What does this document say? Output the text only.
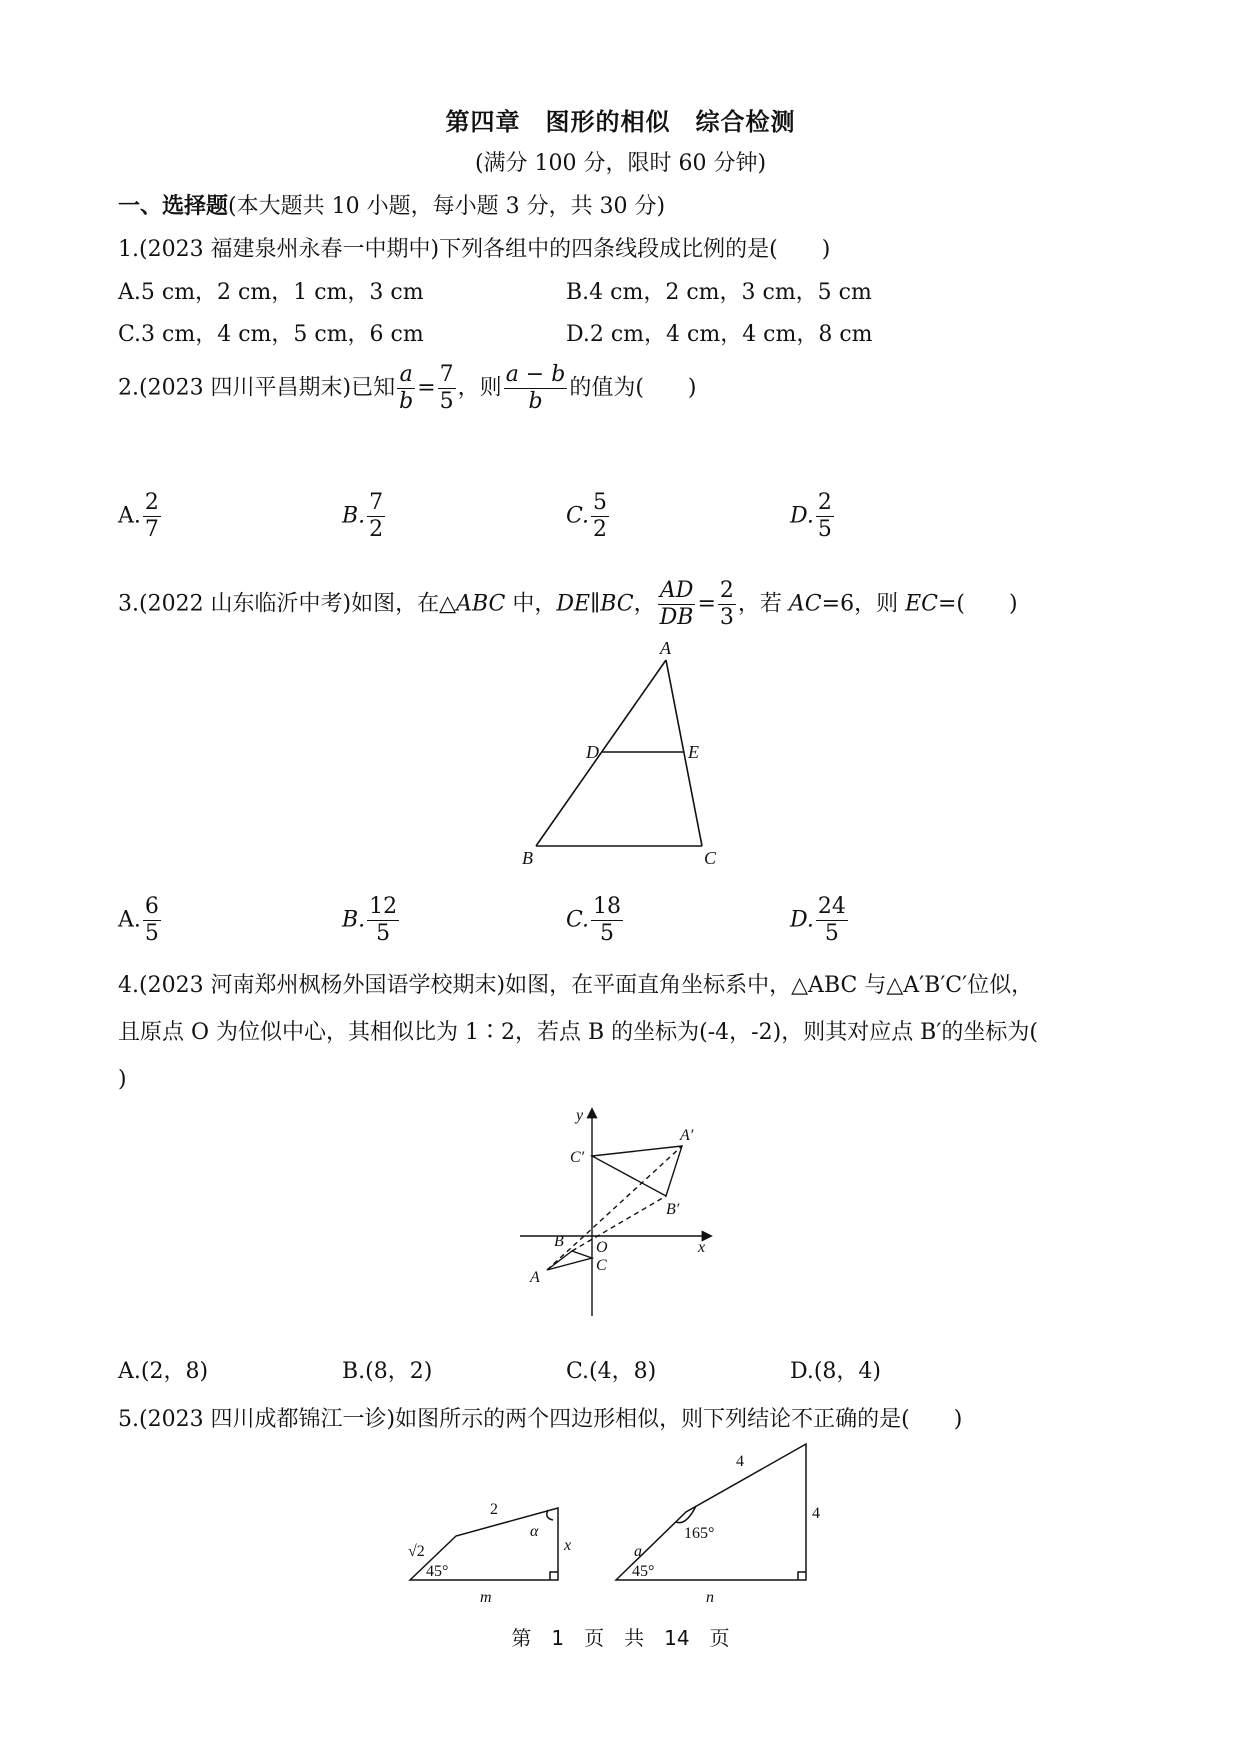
第四章　图形的相似　综合检测
(满分 100 分，限时 60 分钟)
一、选择题(本大题共 10 小题，每小题 3 分，共 30 分)
1.(2023 福建泉州永春一中期中)下列各组中的四条线段成比例的是(　　)
A.5 cm，2 cm，1 cm，3 cm	B.4 cm，2 cm，3 cm，5 cm
C.3 cm，4 cm，5 cm，6 cm	D.2 cm，4 cm，4 cm，8 cm
2.(2023 四川平昌期末)已知 $\frac{a}{b} = \frac{7}{5}$ ，则 $\frac{a - b}{b}$ 的值为(　　)
A. $\frac{2}{7}$	B. $\frac{7}{2}$	C. $\frac{5}{2}$	D. $\frac{2}{5}$
3.(2022 山东临沂中考)如图，在△ABC 中，DE∥BC， $\frac{AD}{DB} = \frac{2}{3}$ ，若 AC=6，则 EC=(　　)
A
B	C
D	E
A. $\frac{6}{5}$	B. $\frac{12}{5}$	C. $\frac{18}{5}$	D. $\frac{24}{5}$
4.(2023 河南郑州枫杨外国语学校期末)如图，在平面直角坐标系中，△ABC 与△A′B′C′位似，
且原点 O 为位似中心，其相似比为 1∶2，若点 B 的坐标为(-4，-2)，则其对应点 B′的坐标为(
)
y
x
O
A
B
C
A′
B′
C′
A.(2，8)	B.(8，2)	C.(4，8)	D.(8，4)
5.(2023 四川成都锦江一诊)如图所示的两个四边形相似，则下列结论不正确的是(　　)
2
√2
α
x
45°
m
4
4
165°
a
45°
n
第　1　页　共　14　页
